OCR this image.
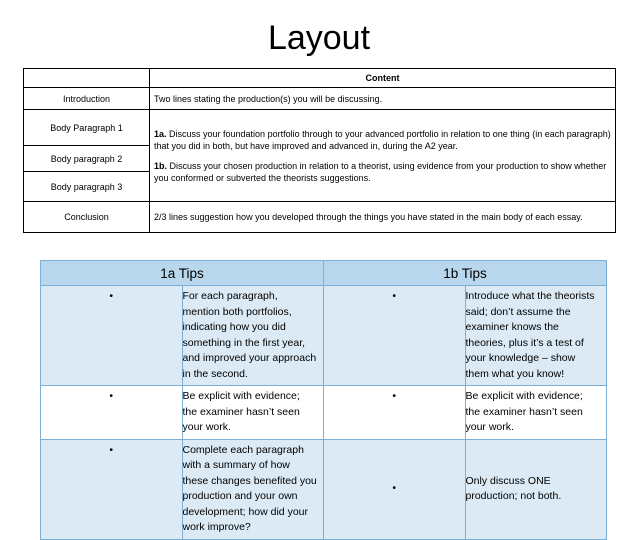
Layout
	Content
Introduction	Two lines stating the production(s) you will be discussing.
Body Paragraph 1	1a. Discuss your foundation portfolio through to your advanced portfolio in relation to one thing (in each paragraph) that you did in both, but have improved and advanced in, during the A2 year.
1b. Discuss your chosen production in relation to a theorist, using evidence from your production to show whether you conformed or subverted the theorists suggestions.

Body paragraph 2	
Body paragraph 3	
Conclusion	2/3 lines suggestion how you developed through the things you have stated in the main body of each essay.
1a Tips		1b Tips	
•	For each paragraph, mention both portfolios, indicating how you did something in the first year, and improved your approach in the second.	•	Introduce what the theorists said; don’t assume the examiner knows the theories, plus it’s a test of your knowledge – show them what you know!
•	Be explicit with evidence; the examiner hasn’t seen your work.	•	Be explicit with evidence; the examiner hasn’t seen your work.
•	Complete each paragraph with a summary of how these changes benefited you production and your own development; how did your work improve?	•	Only discuss ONE production; not both.
